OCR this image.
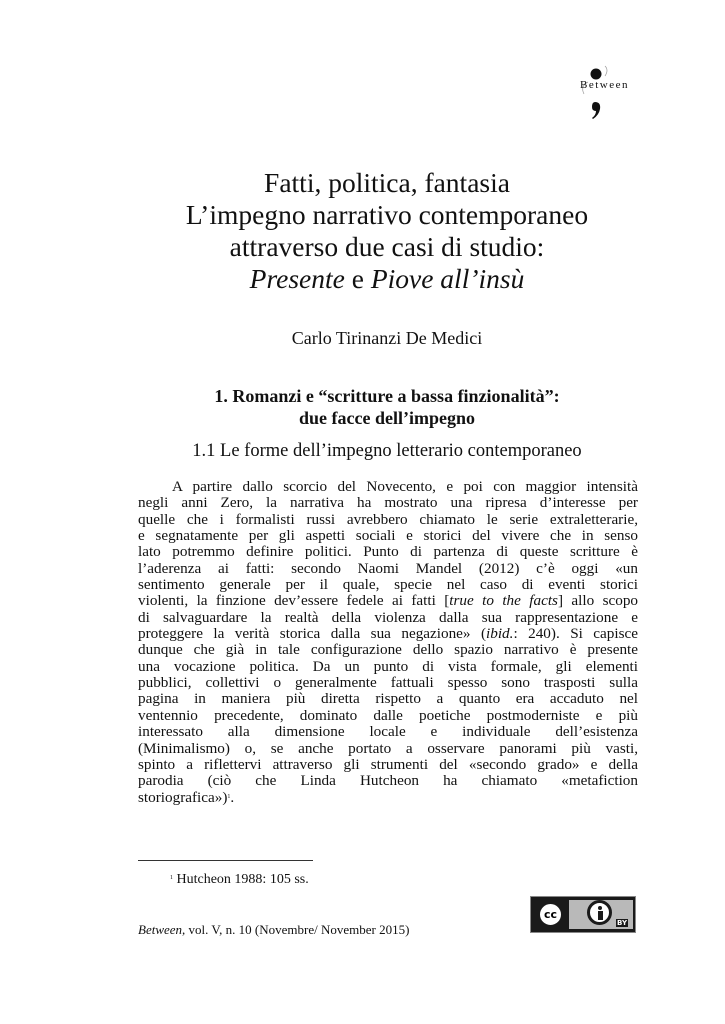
Between
Fatti, politica, fantasia
L’impegno narrativo contemporaneo
attraverso due casi di studio:
Presente e Piove all’insù
Carlo Tirinanzi De Medici
1. Romanzi e “scritture a bassa finzionalità”:
due facce dell’impegno
1.1 Le forme dell’impegno letterario contemporaneo
A partire dallo scorcio del Novecento, e poi con maggior intensità
negli anni Zero, la narrativa ha mostrato una ripresa d’interesse per
quelle che i formalisti russi avrebbero chiamato le serie extraletterarie,
e segnatamente per gli aspetti sociali e storici del vivere che in senso
lato potremmo definire politici. Punto di partenza di queste scritture è
l’aderenza ai fatti: secondo Naomi Mandel (2012) c’è oggi «un
sentimento generale per il quale, specie nel caso di eventi storici
violenti, la finzione dev’essere fedele ai fatti [true to the facts] allo scopo
di salvaguardare la realtà della violenza dalla sua rappresentazione e
proteggere la verità storica dalla sua negazione» (ibid.: 240). Si capisce
dunque che già in tale configurazione dello spazio narrativo è presente
una vocazione politica. Da un punto di vista formale, gli elementi
pubblici, collettivi o generalmente fattuali spesso sono trasposti sulla
pagina in maniera più diretta rispetto a quanto era accaduto nel
ventennio precedente, dominato dalle poetiche postmoderniste e più
interessato alla dimensione locale e individuale dell’esistenza
(Minimalismo) o, se anche portato a osservare panorami più vasti,
spinto a riflettervi attraverso gli strumenti del «secondo grado» e della
parodia (ciò che Linda Hutcheon ha chiamato «metafiction
storiografica»)$^1$.
$^1$ Hutcheon 1988: 105 ss.
Between, vol. V, n. 10 (Novembre/ November 2015)
cc
BY
